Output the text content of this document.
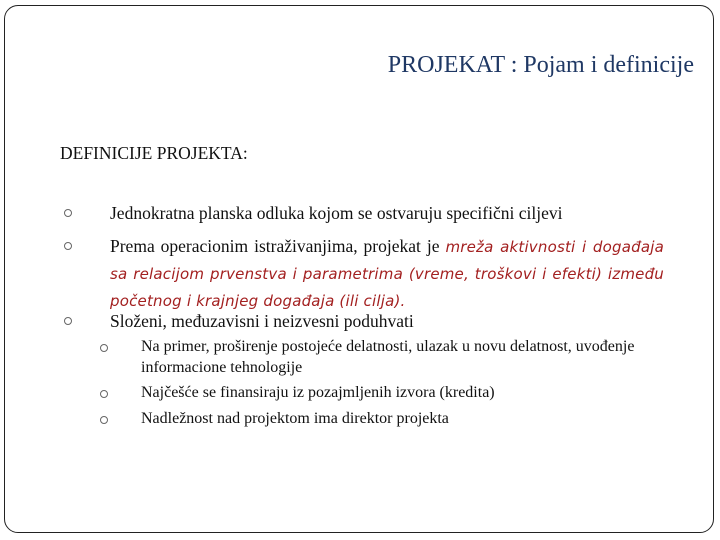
PROJEKAT : Pojam i definicije
DEFINICIJE PROJEKTA:
Jednokratna planska odluka kojom se ostvaruju specifični ciljevi
Prema operacionim istraživanjima, projekat je mreža aktivnosti i događaja sa relacijom prvenstva i parametrima (vreme, troškovi i efekti) između početnog i krajnjeg događaja (ili cilja).
Složeni, međuzavisni i neizvesni poduhvati
Na primer, proširenje postojeće delatnosti, ulazak u novu delatnost, uvođenje informacione tehnologije
Najčešće se finansiraju iz pozajmljenih izvora (kredita)
Nadležnost nad projektom ima direktor projekta
